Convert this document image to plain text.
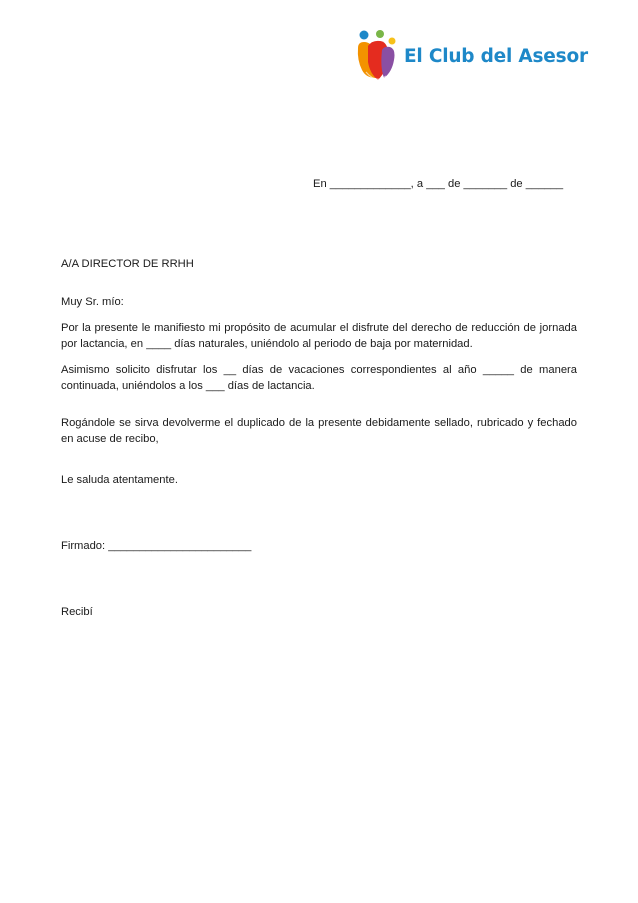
El Club del Asesor

En _____________, a ___ de _______ de ______

A/A DIRECTOR DE RRHH

Muy Sr. mío:

Por la presente le manifiesto mi propósito de acumular el disfrute del derecho de reducción de jornada por lactancia, en ____ días naturales, uniéndolo al periodo de baja por maternidad.

Asimismo solicito disfrutar los __ días de vacaciones correspondientes al año _____ de manera continuada, uniéndolos a los ___ días de lactancia.

Rogándole se sirva devolverme el duplicado de la presente debidamente sellado, rubricado y fechado en acuse de recibo,

Le saluda atentamente.

Firmado: _______________________

Recibí
